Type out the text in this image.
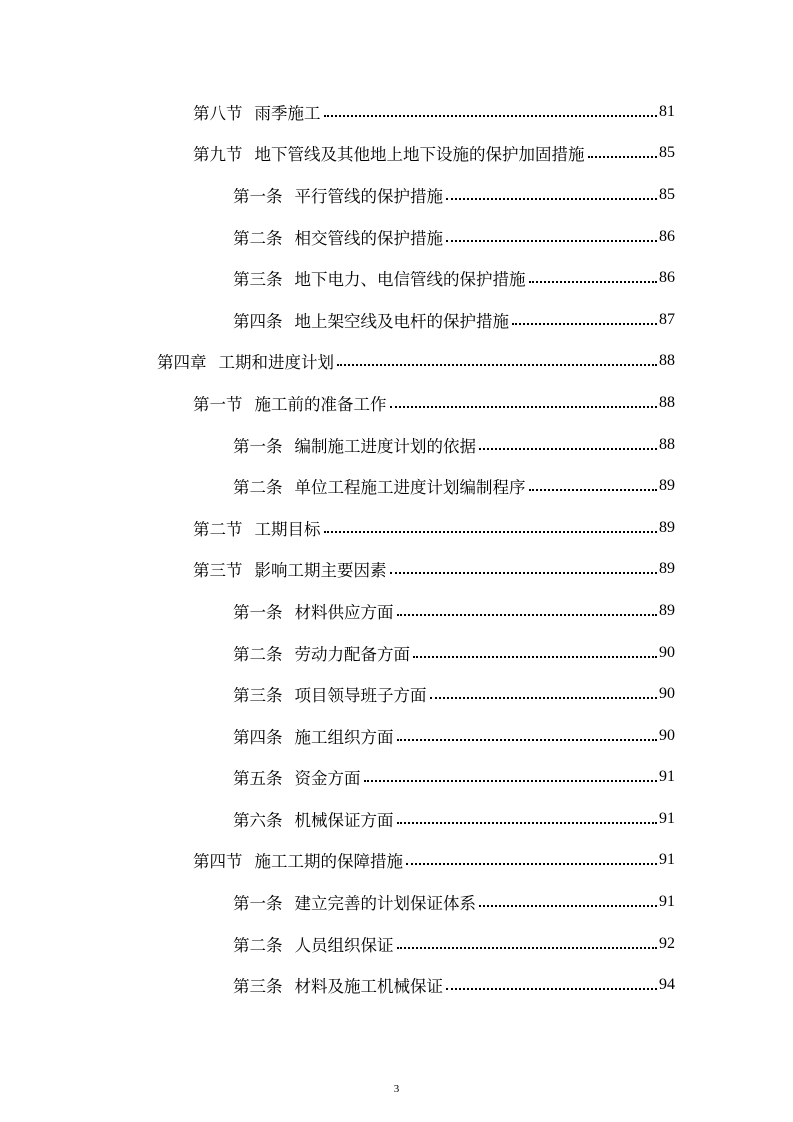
第八节 雨季施工	81
第九节 地下管线及其他地上地下设施的保护加固措施	85
第一条 平行管线的保护措施	85
第二条 相交管线的保护措施	86
第三条 地下电力、电信管线的保护措施	86
第四条 地上架空线及电杆的保护措施	87
第四章 工期和进度计划	88
第一节 施工前的准备工作	88
第一条 编制施工进度计划的依据	88
第二条 单位工程施工进度计划编制程序	89
第二节 工期目标	89
第三节 影响工期主要因素	89
第一条 材料供应方面	89
第二条 劳动力配备方面	90
第三条 项目领导班子方面	90
第四条 施工组织方面	90
第五条 资金方面	91
第六条 机械保证方面	91
第四节 施工工期的保障措施	91
第一条 建立完善的计划保证体系	91
第二条 人员组织保证	92
第三条 材料及施工机械保证	94
3
